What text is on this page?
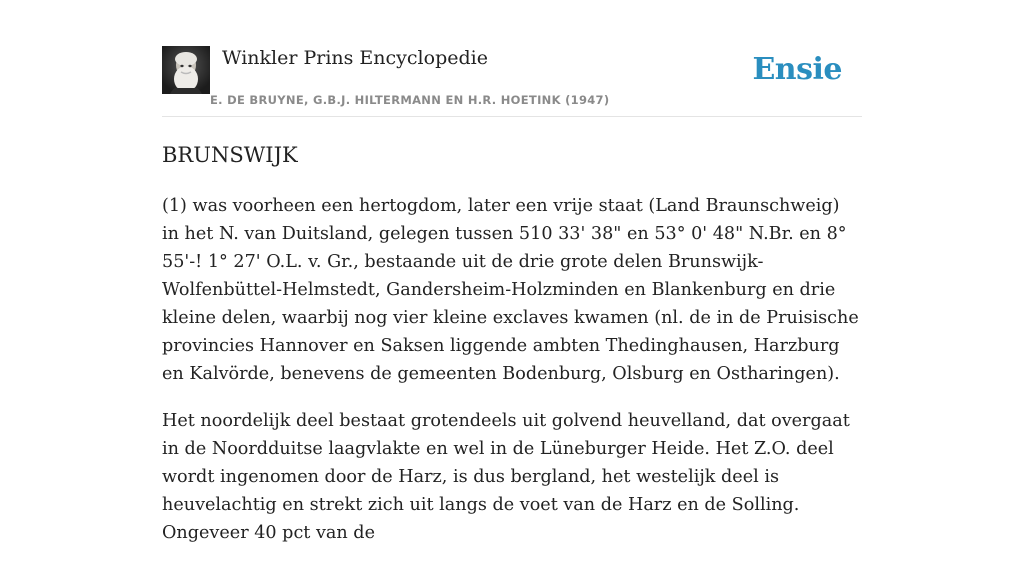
Winkler Prins Encyclopedie
E. DE BRUYNE, G.B.J. HILTERMANN EN H.R. HOETINK (1947)
Ensie
BRUNSWIJK

(1) was voorheen een hertogdom, later een vrije staat (Land Braunschweig) in het N. van Duitsland, gelegen tussen 510 33' 38" en 53° 0' 48" N.Br. en 8° 55'-! 1° 27' O.L. v. Gr., bestaande uit de drie grote delen Brunswijk-Wolfenbüttel-Helmstedt, Gandersheim-Holzminden en Blankenburg en drie kleine delen, waarbij nog vier kleine exclaves kwamen (nl. de in de Pruisische provincies Hannover en Saksen liggende ambten Thedinghausen, Harzburg en Kalvörde, benevens de gemeenten Bodenburg, Olsburg en Ostharingen).

Het noordelijk deel bestaat grotendeels uit golvend heuvelland, dat overgaat in de Noordduitse laagvlakte en wel in de Lüneburger Heide. Het Z.O. deel wordt ingenomen door de Harz, is dus bergland, het westelijk deel is heuvelachtig en strekt zich uit langs de voet van de Harz en de Solling. Ongeveer 40 pct van de
